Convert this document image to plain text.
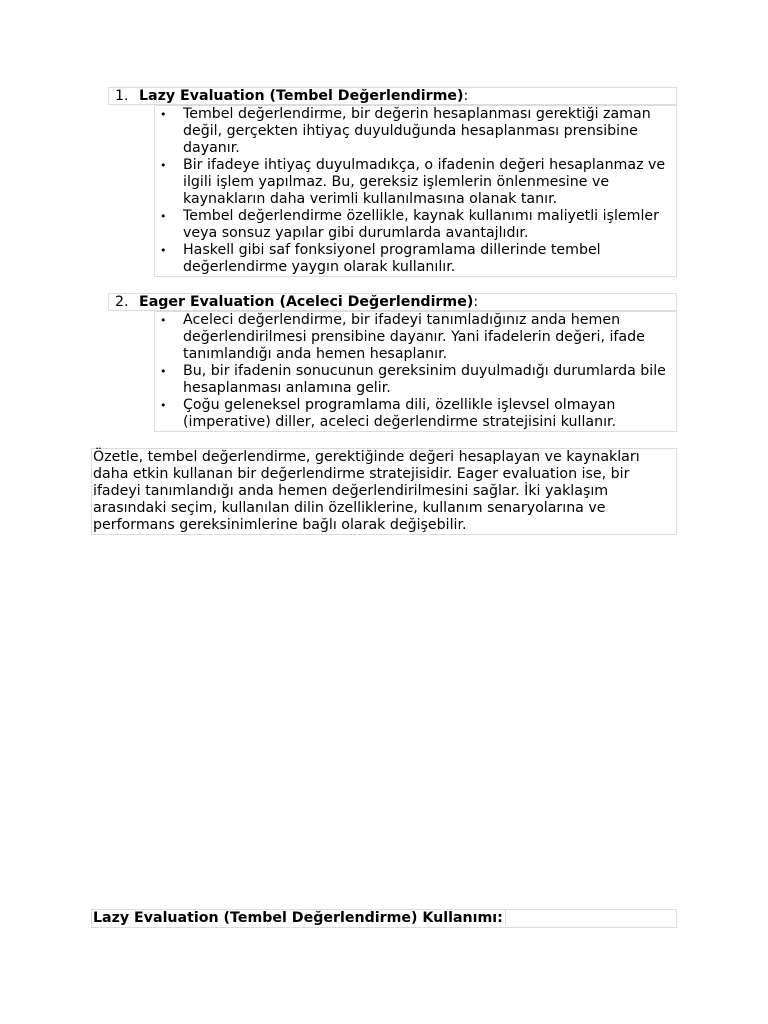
1. Lazy Evaluation (Tembel Değerlendirme) :
• Tembel değerlendirme, bir değerin hesaplanması gerektiği zaman değil, gerçekten ihtiyaç duyulduğunda hesaplanması prensibine dayanır.
• Bir ifadeye ihtiyaç duyulmadıkça, o ifadenin değeri hesaplanmaz ve ilgili işlem yapılmaz. Bu, gereksiz işlemlerin önlenmesine ve kaynakların daha verimli kullanılmasına olanak tanır.
• Tembel değerlendirme özellikle, kaynak kullanımı maliyetli işlemler veya sonsuz yapılar gibi durumlarda avantajlıdır.
• Haskell gibi saf fonksiyonel programlama dillerinde tembel değerlendirme yaygın olarak kullanılır.
2. Eager Evaluation (Aceleci Değerlendirme) :
• Aceleci değerlendirme, bir ifadeyi tanımladığınız anda hemen değerlendirilmesi prensibine dayanır. Yani ifadelerin değeri, ifade tanımlandığı anda hemen hesaplanır.
• Bu, bir ifadenin sonucunun gereksinim duyulmadığı durumlarda bile hesaplanması anlamına gelir.
• Çoğu geleneksel programlama dili, özellikle işlevsel olmayan (imperative) diller, aceleci değerlendirme stratejisini kullanır.
Özetle, tembel değerlendirme, gerektiğinde değeri hesaplayan ve kaynakları daha etkin kullanan bir değerlendirme stratejisidir. Eager evaluation ise, bir ifadeyi tanımlandığı anda hemen değerlendirilmesini sağlar. İki yaklaşım arasındaki seçim, kullanılan dilin özelliklerine, kullanım senaryolarına ve performans gereksinimlerine bağlı olarak değişebilir.
Lazy Evaluation (Tembel Değerlendirme) Kullanımı:
